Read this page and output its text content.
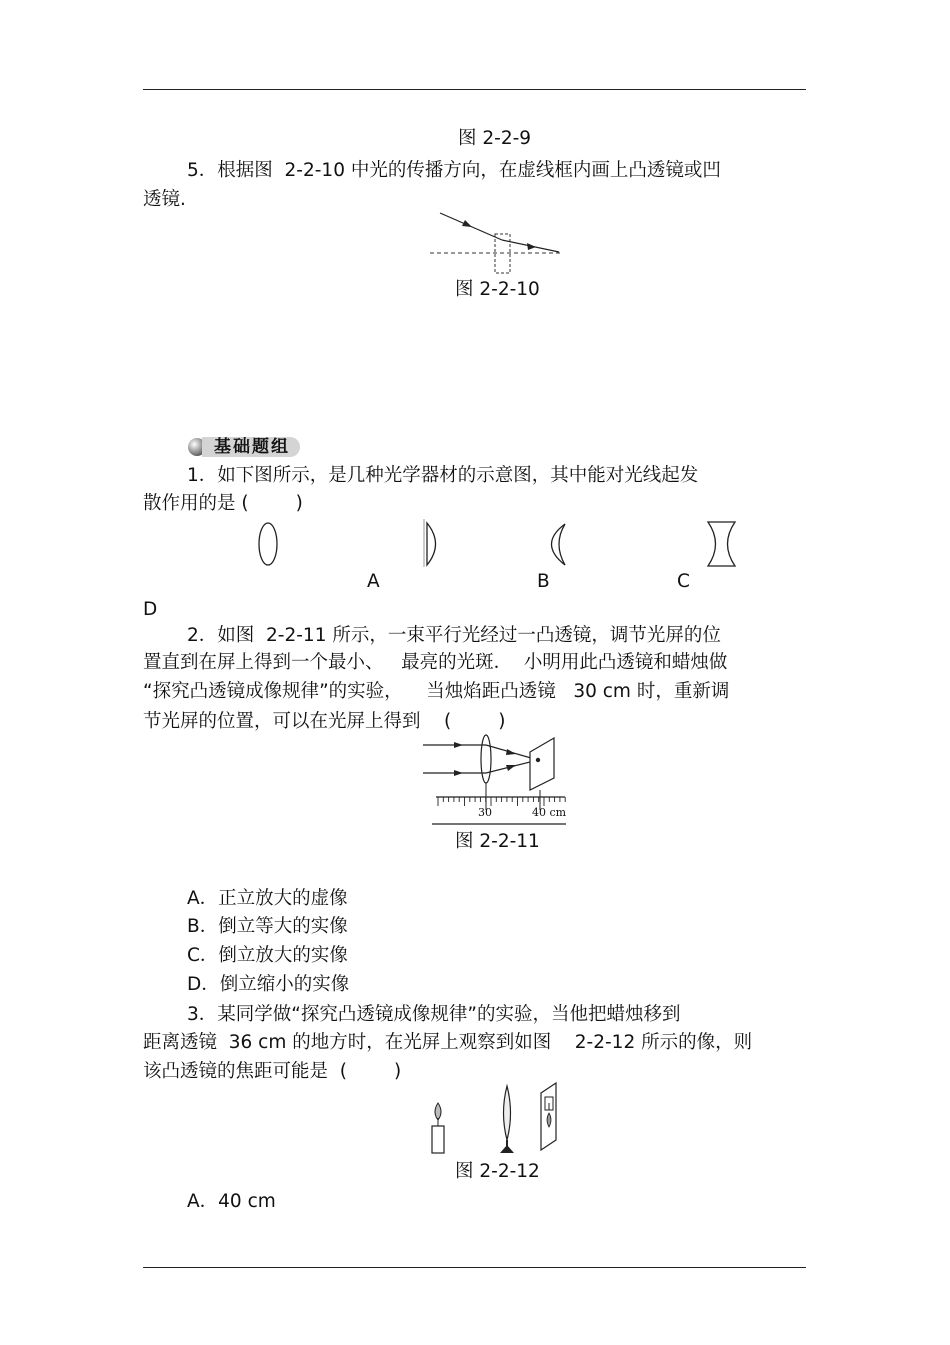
图 2-2-9
5．根据图  2-2-10 中光的传播方向，在虚线框内画上凸透镜或凹
透镜.
图 2-2-10
基础题组
1．如下图所示，是几种光学器材的示意图，其中能对光线起发
散作用的是 (        )
A	B	C
D
2．如图  2-2-11 所示，一束平行光经过一凸透镜，调节光屏的位
置直到在屏上得到一个最小、   最亮的光斑．  小明用此凸透镜和蜡烛做
“探究凸透镜成像规律”的实验，    当烛焰距凸透镜   30 cm 时，重新调
节光屏的位置，可以在光屏上得到    (        )
30	40 cm
图 2-2-11
A．正立放大的虚像
B．倒立等大的实像
C．倒立放大的实像
D．倒立缩小的实像
3．某同学做“探究凸透镜成像规律”的实验，当他把蜡烛移到
距离透镜  36 cm 的地方时，在光屏上观察到如图    2-2-12 所示的像，则
该凸透镜的焦距可能是  (        )
图 2-2-12
A．40 cm
